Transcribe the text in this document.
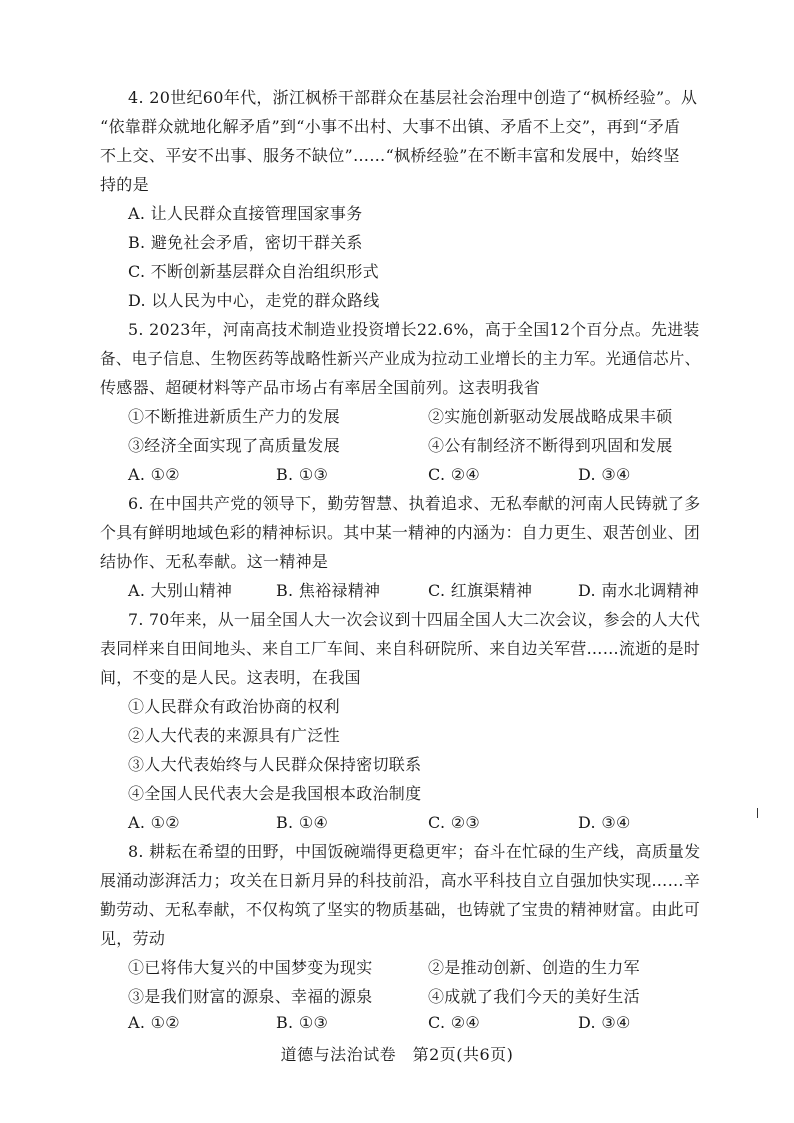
4. 20世纪60年代，浙江枫桥干部群众在基层社会治理中创造了“枫桥经验”。从
“依靠群众就地化解矛盾”到“小事不出村、大事不出镇、矛盾不上交”，再到“矛盾
不上交、平安不出事、服务不缺位”……“枫桥经验”在不断丰富和发展中，始终坚
持的是
A. 让人民群众直接管理国家事务
B. 避免社会矛盾，密切干群关系
C. 不断创新基层群众自治组织形式
D. 以人民为中心，走党的群众路线
5. 2023年，河南高技术制造业投资增长22.6%，高于全国12个百分点。先进装
备、电子信息、生物医药等战略性新兴产业成为拉动工业增长的主力军。光通信芯片、
传感器、超硬材料等产品市场占有率居全国前列。这表明我省
①不断推进新质生产力的发展	②实施创新驱动发展战略成果丰硕
③经济全面实现了高质量发展	④公有制经济不断得到巩固和发展
A. ①②	B. ①③	C. ②④	D. ③④
6. 在中国共产党的领导下，勤劳智慧、执着追求、无私奉献的河南人民铸就了多
个具有鲜明地域色彩的精神标识。其中某一精神的内涵为：自力更生、艰苦创业、团
结协作、无私奉献。这一精神是
A. 大别山精神	B. 焦裕禄精神	C. 红旗渠精神	D. 南水北调精神
7. 70年来，从一届全国人大一次会议到十四届全国人大二次会议，参会的人大代
表同样来自田间地头、来自工厂车间、来自科研院所、来自边关军营……流逝的是时
间，不变的是人民。这表明，在我国
①人民群众有政治协商的权利
②人大代表的来源具有广泛性
③人大代表始终与人民群众保持密切联系
④全国人民代表大会是我国根本政治制度
A. ①②	B. ①④	C. ②③	D. ③④
8. 耕耘在希望的田野，中国饭碗端得更稳更牢；奋斗在忙碌的生产线，高质量发
展涌动澎湃活力；攻关在日新月异的科技前沿，高水平科技自立自强加快实现……辛
勤劳动、无私奉献，不仅构筑了坚实的物质基础，也铸就了宝贵的精神财富。由此可
见，劳动
①已将伟大复兴的中国梦变为现实	②是推动创新、创造的生力军
③是我们财富的源泉、幸福的源泉	④成就了我们今天的美好生活
A. ①②	B. ①③	C. ②④	D. ③④
道德与法治试卷　第2页(共6页)
